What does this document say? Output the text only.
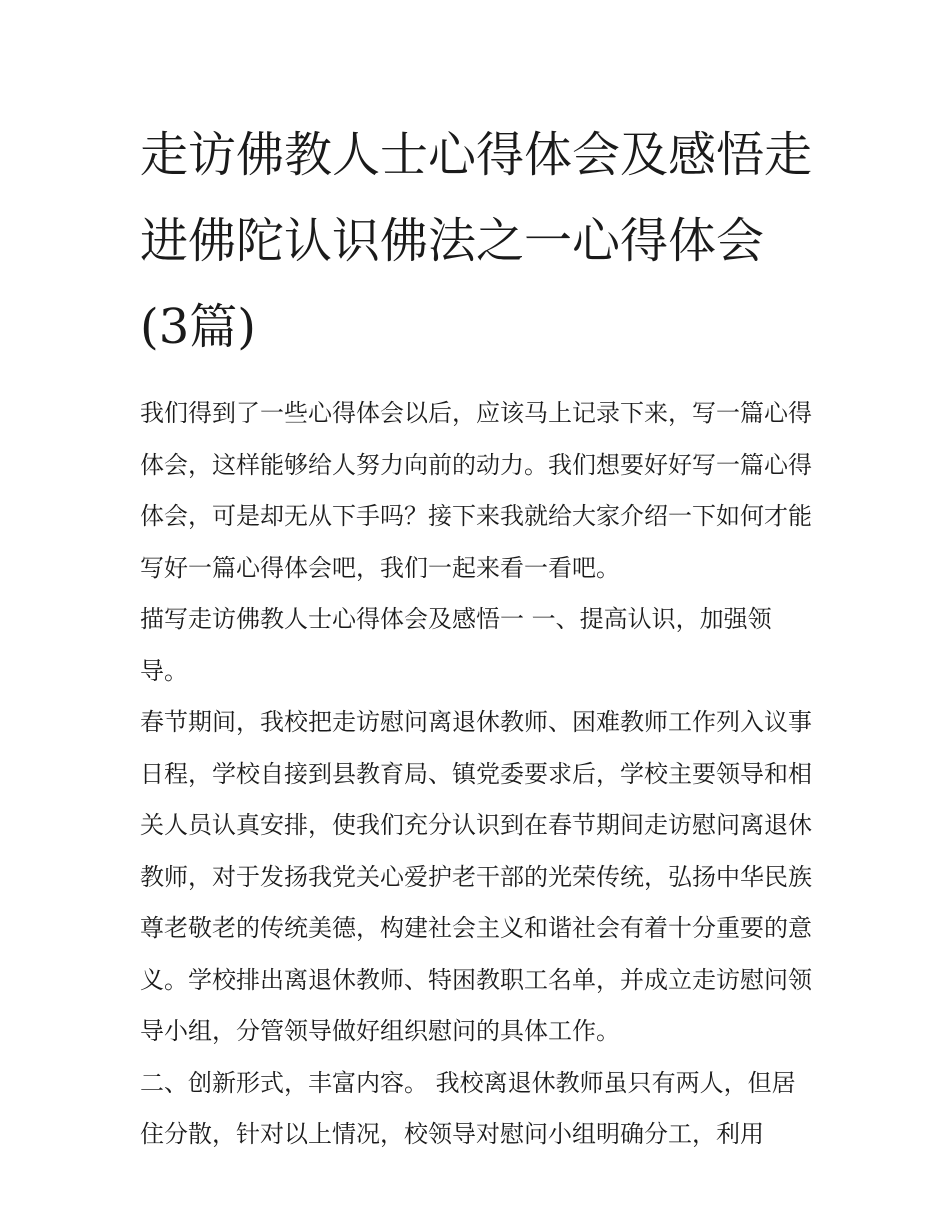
走访佛教人士心得体会及感悟走进佛陀认识佛法之一心得体会(3篇)

我们得到了一些心得体会以后，应该马上记录下来，写一篇心得体会，这样能够给人努力向前的动力。我们想要好好写一篇心得体会，可是却无从下手吗？接下来我就给大家介绍一下如何才能写好一篇心得体会吧，我们一起来看一看吧。

描写走访佛教人士心得体会及感悟一 一、提高认识，加强领导。

春节期间，我校把走访慰问离退休教师、困难教师工作列入议事日程，学校自接到县教育局、镇党委要求后，学校主要领导和相关人员认真安排，使我们充分认识到在春节期间走访慰问离退休教师，对于发扬我党关心爱护老干部的光荣传统，弘扬中华民族尊老敬老的传统美德，构建社会主义和谐社会有着十分重要的意义。学校排出离退休教师、特困教职工名单，并成立走访慰问领导小组，分管领导做好组织慰问的具体工作。

二、创新形式，丰富内容。 我校离退休教师虽只有两人，但居住分散，针对以上情况，校领导对慰问小组明确分工，利用
